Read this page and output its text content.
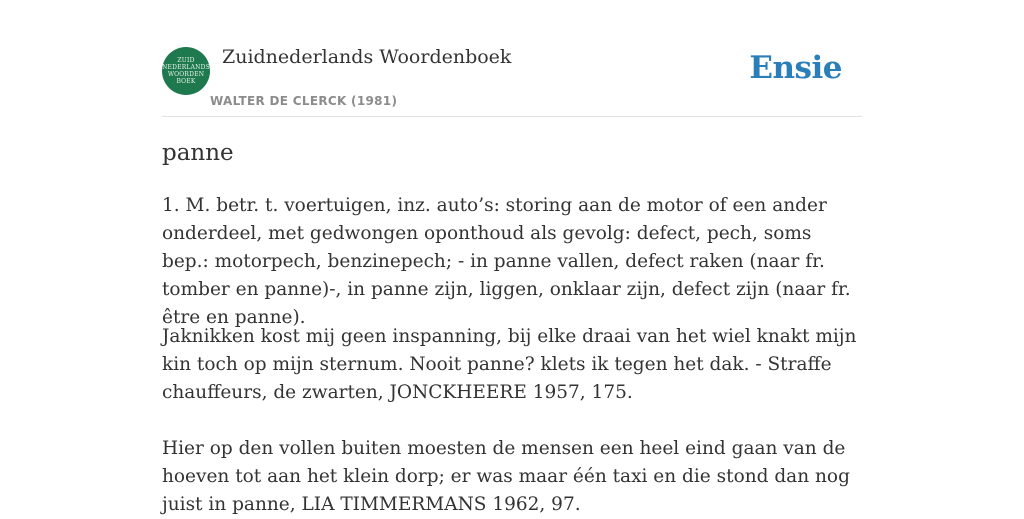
ZUID
NEDERLANDS
WOORDEN
BOEK
Zuidnederlands Woordenboek
WALTER DE CLERCK (1981)
Ensie
panne

1. M. betr. t. voertuigen, inz. auto’s: storing aan de motor of een ander onderdeel, met gedwongen oponthoud als gevolg: defect, pech, soms bep.: motorpech, benzinepech; - in panne vallen, defect raken (naar fr. tomber en panne)-, in panne zijn, liggen, onklaar zijn, defect zijn (naar fr. être en panne).

Jaknikken kost mij geen inspanning, bij elke draai van het wiel knakt mijn kin toch op mijn sternum. Nooit panne? klets ik tegen het dak. - Straffe chauffeurs, de zwarten, JONCKHEERE 1957, 175.

Hier op den vollen buiten moesten de mensen een heel eind gaan van de hoeven tot aan het klein dorp; er was maar één taxi en die stond dan nog juist in panne, LIA TIMMERMANS 1962, 97.
